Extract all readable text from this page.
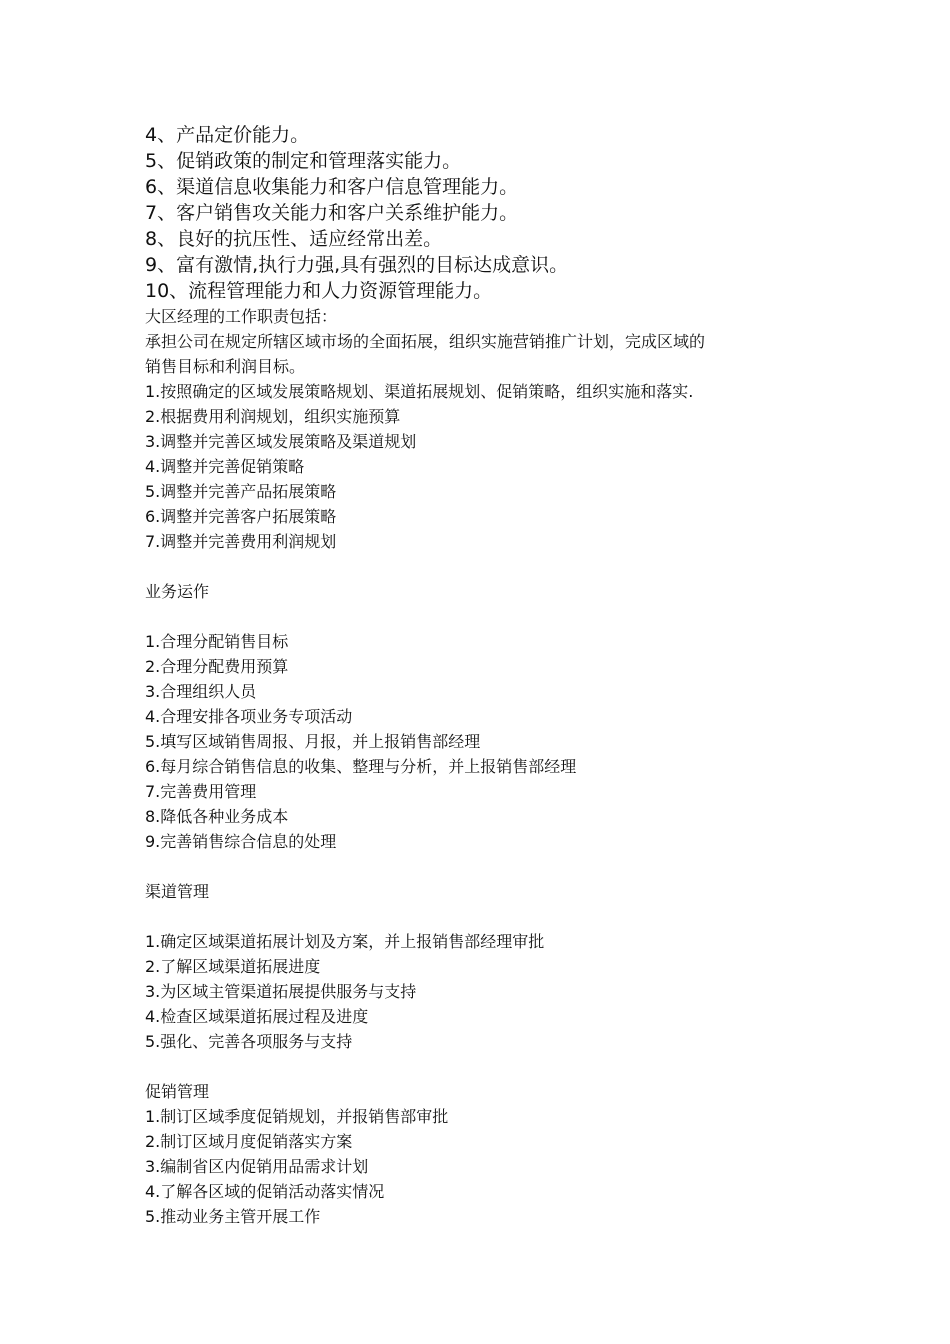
4、产品定价能力。
5、促销政策的制定和管理落实能力。
6、渠道信息收集能力和客户信息管理能力。
7、客户销售攻关能力和客户关系维护能力。
8、良好的抗压性、适应经常出差。
9、富有激情,执行力强,具有强烈的目标达成意识。
10、流程管理能力和人力资源管理能力。
大区经理的工作职责包括：
承担公司在规定所辖区域市场的全面拓展，组织实施营销推广计划，完成区域的
销售目标和利润目标。
1.按照确定的区域发展策略规划、渠道拓展规划、促销策略，组织实施和落实.
2.根据费用利润规划，组织实施预算
3.调整并完善区域发展策略及渠道规划
4.调整并完善促销策略
5.调整并完善产品拓展策略
6.调整并完善客户拓展策略
7.调整并完善费用利润规划
业务运作
1.合理分配销售目标
2.合理分配费用预算
3.合理组织人员
4.合理安排各项业务专项活动
5.填写区域销售周报、月报，并上报销售部经理
6.每月综合销售信息的收集、整理与分析，并上报销售部经理
7.完善费用管理
8.降低各种业务成本
9.完善销售综合信息的处理
渠道管理
1.确定区域渠道拓展计划及方案，并上报销售部经理审批
2.了解区域渠道拓展进度
3.为区域主管渠道拓展提供服务与支持
4.检查区域渠道拓展过程及进度
5.强化、完善各项服务与支持
促销管理
1.制订区域季度促销规划，并报销售部审批
2.制订区域月度促销落实方案
3.编制省区内促销用品需求计划
4.了解各区域的促销活动落实情况
5.推动业务主管开展工作
